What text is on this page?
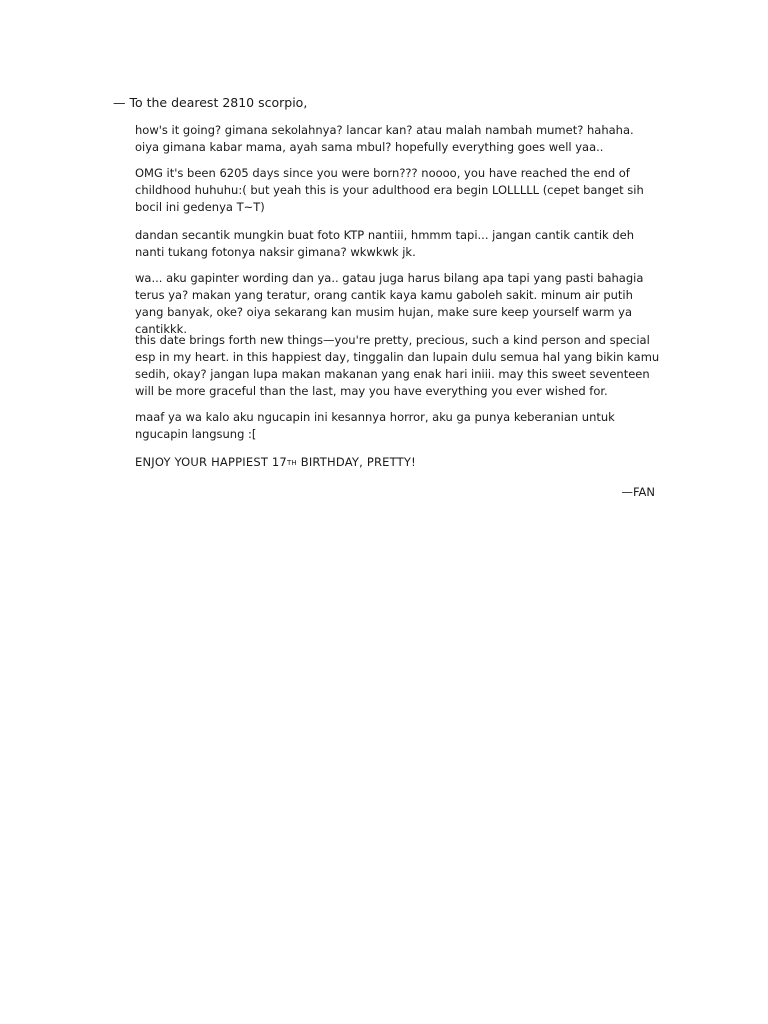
— To the dearest 2810 scorpio,

how's it going? gimana sekolahnya? lancar kan? atau malah nambah mumet? hahaha. oiya gimana kabar mama, ayah sama mbul? hopefully everything goes well yaa..

OMG it's been 6205 days since you were born??? noooo, you have reached the end of childhood huhuhu:( but yeah this is your adulthood era begin LOLLLLL (cepet banget sih bocil ini gedenya T~T)

dandan secantik mungkin buat foto KTP nantiii, hmmm tapi... jangan cantik cantik deh nanti tukang fotonya naksir gimana? wkwkwk jk.

wa... aku gapinter wording dan ya.. gatau juga harus bilang apa tapi yang pasti bahagia terus ya? makan yang teratur, orang cantik kaya kamu gaboleh sakit. minum air putih yang banyak, oke? oiya sekarang kan musim hujan, make sure keep yourself warm ya cantikkk.

this date brings forth new things—you're pretty, precious, such a kind person and special esp in my heart. in this happiest day, tinggalin dan lupain dulu semua hal yang bikin kamu sedih, okay? jangan lupa makan makanan yang enak hari iniii. may this sweet seventeen will be more graceful than the last, may you have everything you ever wished for.

maaf ya wa kalo aku ngucapin ini kesannya horror, aku ga punya keberanian untuk ngucapin langsung :[

ENJOY YOUR HAPPIEST 17TH BIRTHDAY, PRETTY!
—FAN
